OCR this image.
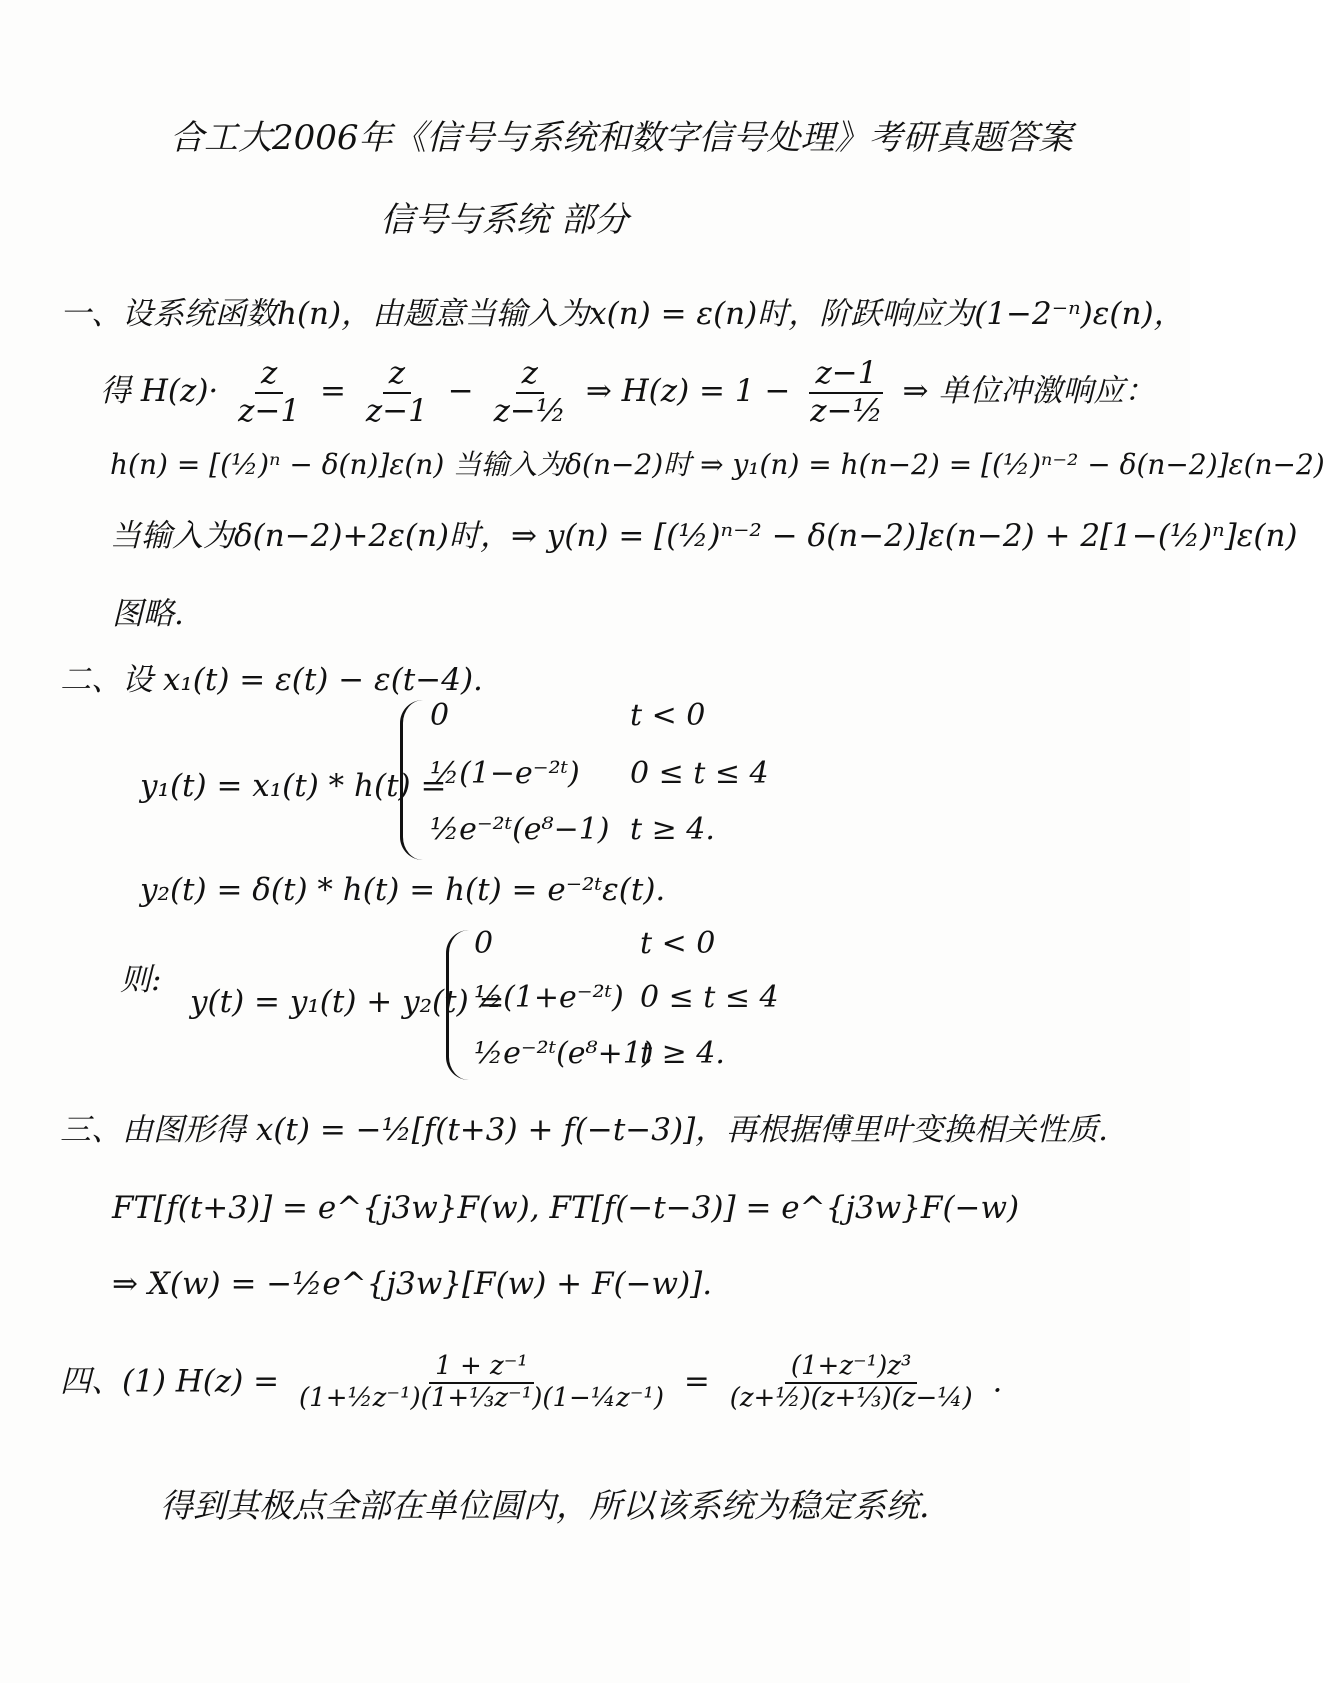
合工大2006年《信号与系统和数字信号处理》考研真题答案
信号与系统 部分
一、设系统函数h(n)，由题意当输入为x(n) = ε(n)时，阶跃响应为(1−2⁻ⁿ)ε(n)，
得 $H(z)\cdot \frac{z}{z-1} = \frac{z}{z-1} - \frac{z}{\text{z−½}}$ ⇒ $H(z) = 1 - \frac{z-1}{\text{z−½}}$ ⇒ 单位冲激响应：
h(n) = [(½)ⁿ − δ(n)]ε(n) 当输入为δ(n−2)时 ⇒ y₁(n) = h(n−2) = [(½)ⁿ⁻² − δ(n−2)]ε(n−2)
当输入为δ(n−2)+2ε(n)时，⇒ y(n) = [(½)ⁿ⁻² − δ(n−2)]ε(n−2) + 2[1−(½)ⁿ]ε(n)
图略.
二、设 x₁(t) = ε(t) − ε(t−4).
y₁(t) = x₁(t) * h(t) =
0	t < 0
½(1−e⁻²ᵗ) 0 ≤ t ≤ 4
½e⁻²ᵗ(e⁸−1) t ≥ 4.
y₂(t) = δ(t) * h(t) = h(t) = e⁻²ᵗε(t).
则:
y(t) = y₁(t) + y₂(t) =
0	t < 0
½(1+e⁻²ᵗ) 0 ≤ t ≤ 4
½e⁻²ᵗ(e⁸+1)
t ≥ 4.
三、由图形得 x(t) = −½[f(t+3) + f(−t−3)]，再根据傅里叶变换相关性质.
FT[f(t+3)] = e^{j3w}F(w), FT[f(−t−3)] = e^{j3w}F(−w)
⇒ X(w) = −½e^{j3w}[F(w) + F(−w)].
四、(1) $H(z) = \frac{\text{1 + z⁻¹}}{\text{(1+½z⁻¹)(1+⅓z⁻¹)(1−¼z⁻¹)}} = \frac{\text{(1+z⁻¹)z³}}{\text{(z+½)(z+⅓)(z−¼)}}$ .
得到其极点全部在单位圆内，所以该系统为稳定系统.
